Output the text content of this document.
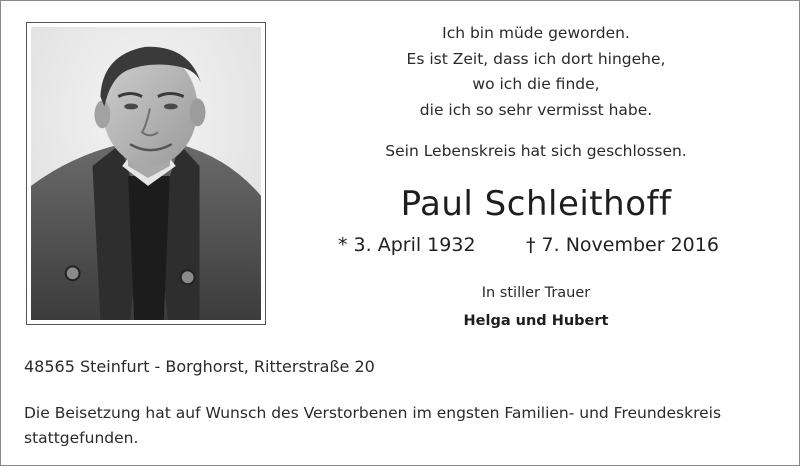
Ich bin müde geworden.
Es ist Zeit, dass ich dort hingehe,
wo ich die finde,
die ich so sehr vermisst habe.
Sein Lebenskreis hat sich geschlossen.
Paul Schleithoff
* 3. April 1932	† 7. November 2016
In stiller Trauer
Helga und Hubert
48565 Steinfurt - Borghorst, Ritterstraße 20
Die Beisetzung hat auf Wunsch des Verstorbenen im engsten Familien- und Freundeskreis stattgefunden.
